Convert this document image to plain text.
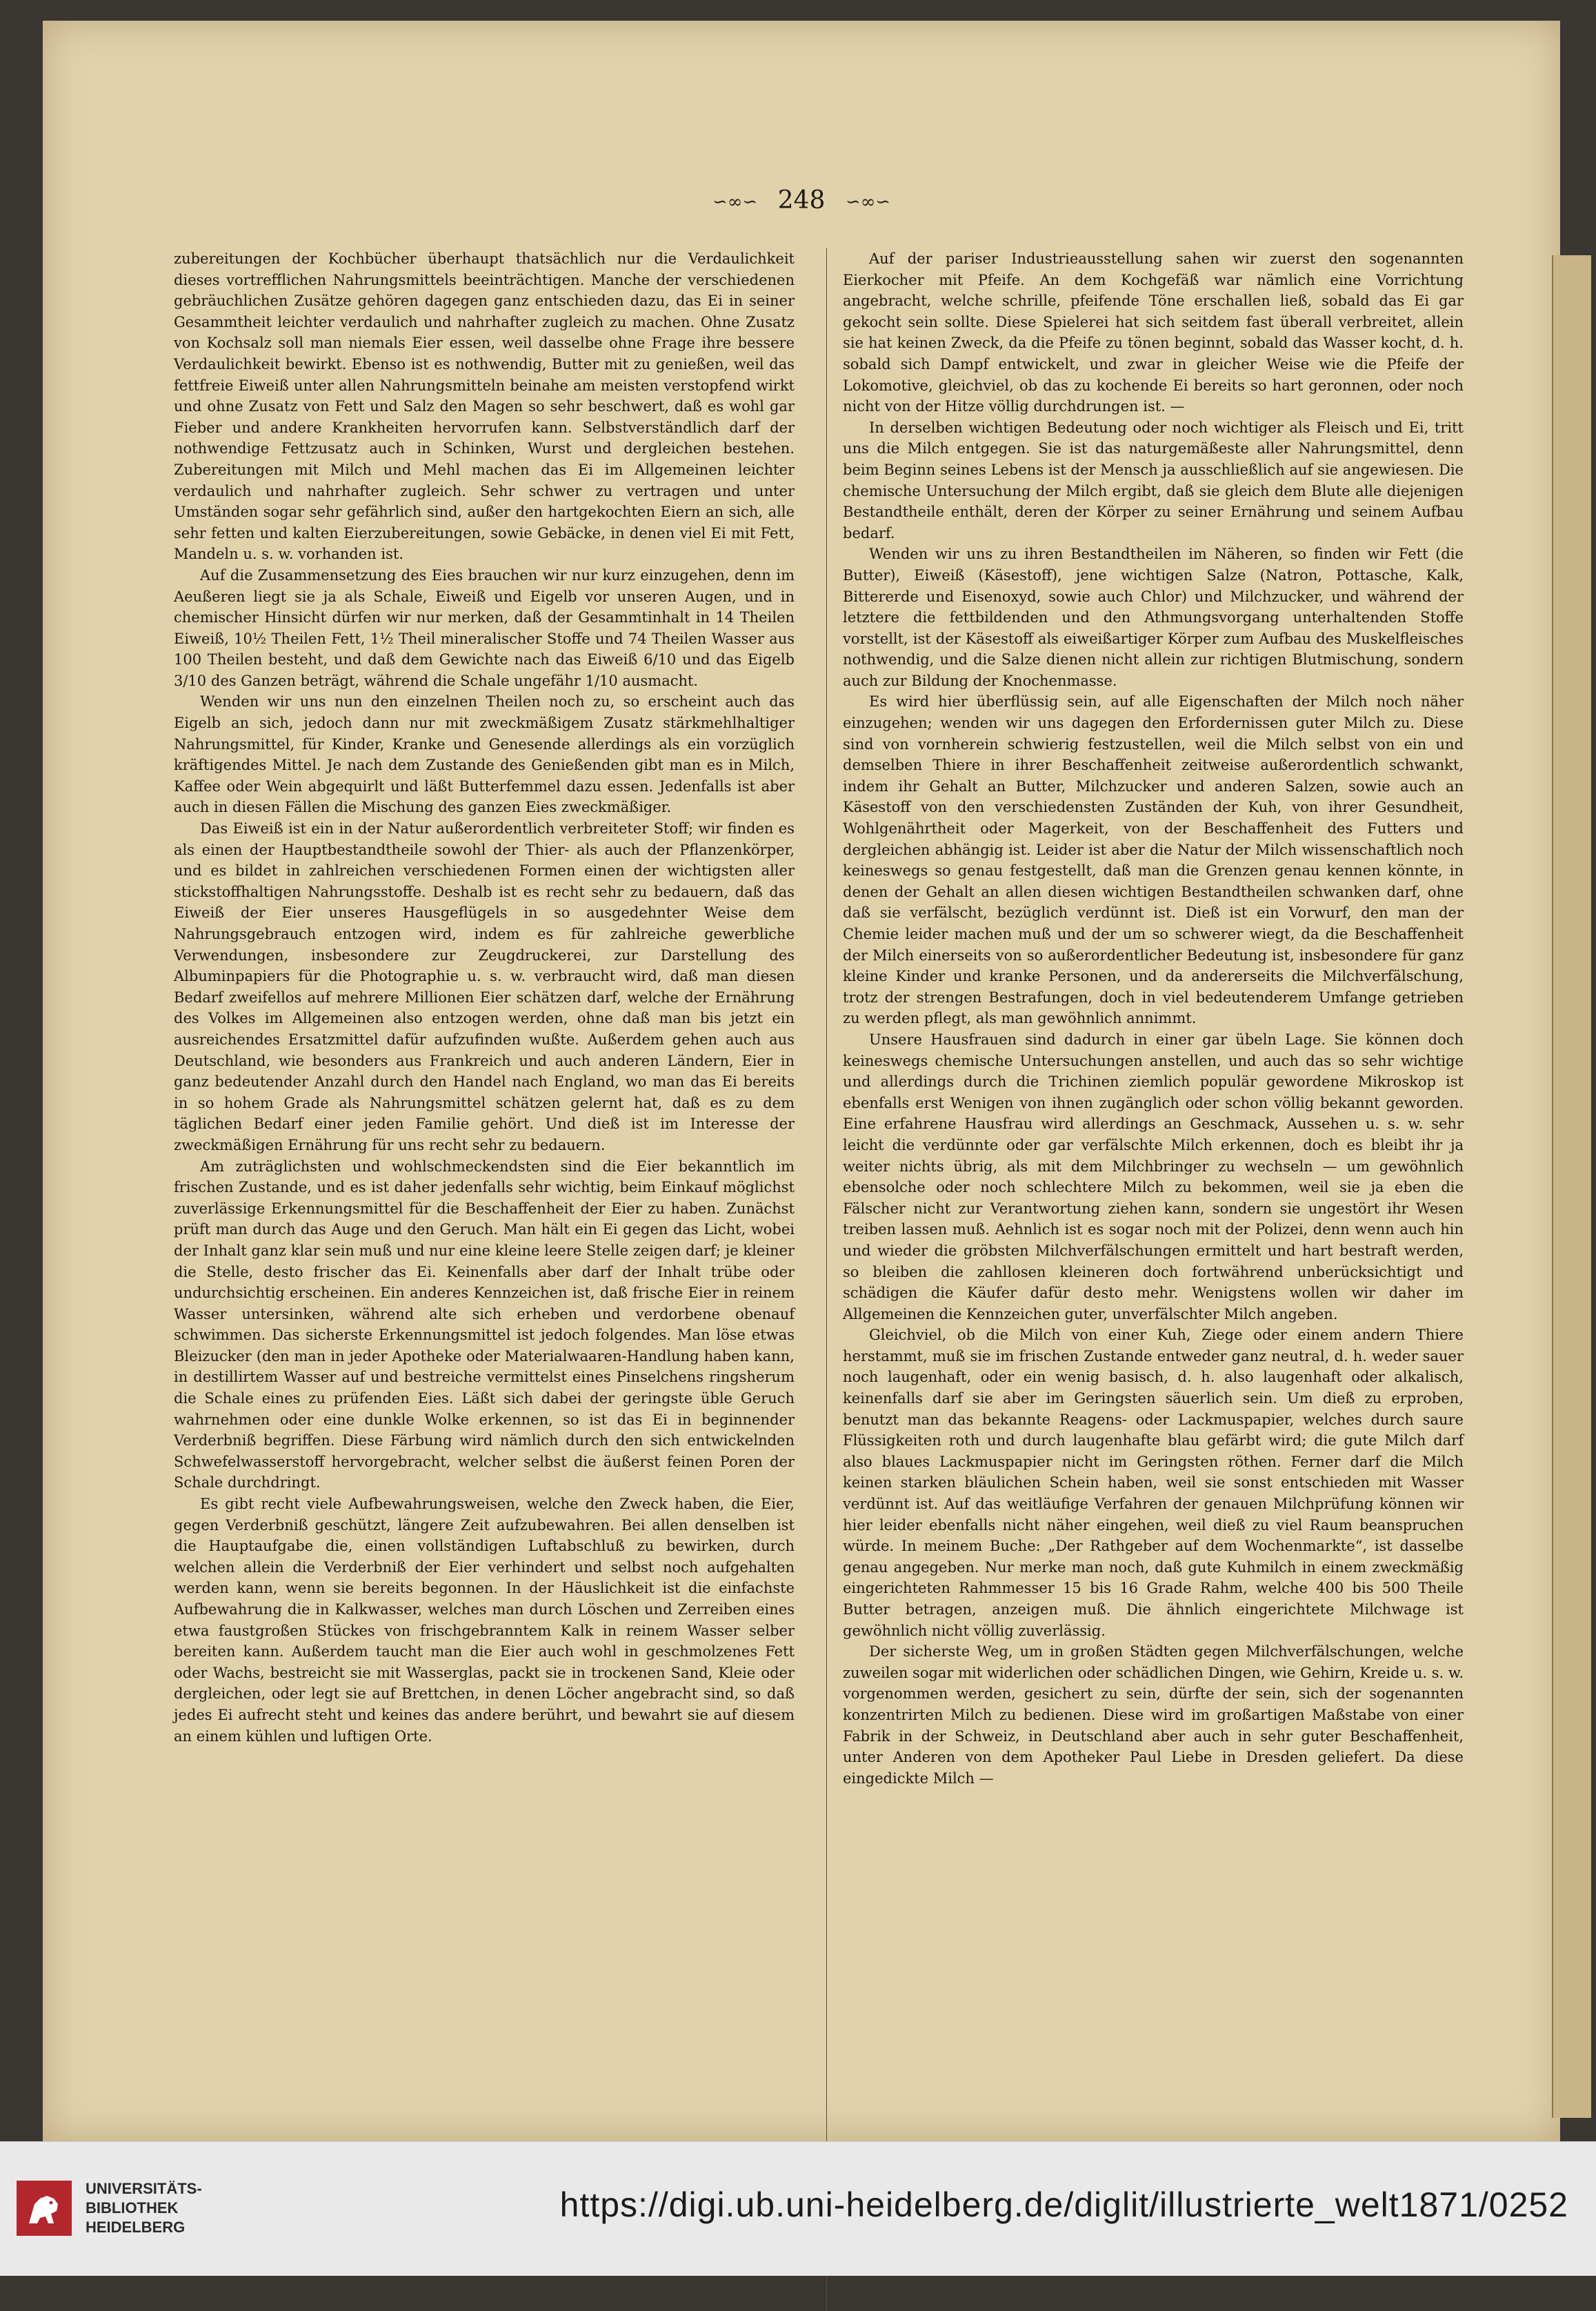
∽∞∽ 248 ∽∞∽

zubereitungen der Kochbücher überhaupt thatsächlich nur die Verdaulichkeit dieses vortrefflichen Nahrungsmittels beeinträchtigen. Manche der verschiedenen gebräuchlichen Zusätze gehören dagegen ganz entschieden dazu, das Ei in seiner Gesammtheit leichter verdaulich und nahrhafter zugleich zu machen. Ohne Zusatz von Kochsalz soll man niemals Eier essen, weil dasselbe ohne Frage ihre bessere Verdaulichkeit bewirkt. Ebenso ist es nothwendig, Butter mit zu genießen, weil das fettfreie Eiweiß unter allen Nahrungsmitteln beinahe am meisten verstopfend wirkt und ohne Zusatz von Fett und Salz den Magen so sehr beschwert, daß es wohl gar Fieber und andere Krankheiten hervorrufen kann. Selbstverständlich darf der nothwendige Fettzusatz auch in Schinken, Wurst und dergleichen bestehen. Zubereitungen mit Milch und Mehl machen das Ei im Allgemeinen leichter verdaulich und nahrhafter zugleich. Sehr schwer zu vertragen und unter Umständen sogar sehr gefährlich sind, außer den hartgekochten Eiern an sich, alle sehr fetten und kalten Eierzubereitungen, sowie Gebäcke, in denen viel Ei mit Fett, Mandeln u. s. w. vorhanden ist.

Auf die Zusammensetzung des Eies brauchen wir nur kurz einzugehen, denn im Aeußeren liegt sie ja als Schale, Eiweiß und Eigelb vor unseren Augen, und in chemischer Hinsicht dürfen wir nur merken, daß der Gesammtinhalt in 14 Theilen Eiweiß, 10½ Theilen Fett, 1½ Theil mineralischer Stoffe und 74 Theilen Wasser aus 100 Theilen besteht, und daß dem Gewichte nach das Eiweiß 6/10 und das Eigelb 3/10 des Ganzen beträgt, während die Schale ungefähr 1/10 ausmacht.

Wenden wir uns nun den einzelnen Theilen noch zu, so erscheint auch das Eigelb an sich, jedoch dann nur mit zweckmäßigem Zusatz stärkmehlhaltiger Nahrungsmittel, für Kinder, Kranke und Genesende allerdings als ein vorzüglich kräftigendes Mittel. Je nach dem Zustande des Genießenden gibt man es in Milch, Kaffee oder Wein abgequirlt und läßt Butterfemmel dazu essen. Jedenfalls ist aber auch in diesen Fällen die Mischung des ganzen Eies zweckmäßiger.

Das Eiweiß ist ein in der Natur außerordentlich verbreiteter Stoff; wir finden es als einen der Hauptbestandtheile sowohl der Thier- als auch der Pflanzenkörper, und es bildet in zahlreichen verschiedenen Formen einen der wichtigsten aller stickstoffhaltigen Nahrungsstoffe. Deshalb ist es recht sehr zu bedauern, daß das Eiweiß der Eier unseres Hausgeflügels in so ausgedehnter Weise dem Nahrungsgebrauch entzogen wird, indem es für zahlreiche gewerbliche Verwendungen, insbesondere zur Zeugdruckerei, zur Darstellung des Albuminpapiers für die Photographie u. s. w. verbraucht wird, daß man diesen Bedarf zweifellos auf mehrere Millionen Eier schätzen darf, welche der Ernährung des Volkes im Allgemeinen also entzogen werden, ohne daß man bis jetzt ein ausreichendes Ersatzmittel dafür aufzufinden wußte. Außerdem gehen auch aus Deutschland, wie besonders aus Frankreich und auch anderen Ländern, Eier in ganz bedeutender Anzahl durch den Handel nach England, wo man das Ei bereits in so hohem Grade als Nahrungsmittel schätzen gelernt hat, daß es zu dem täglichen Bedarf einer jeden Familie gehört. Und dieß ist im Interesse der zweckmäßigen Ernährung für uns recht sehr zu bedauern.

Am zuträglichsten und wohlschmeckendsten sind die Eier bekanntlich im frischen Zustande, und es ist daher jedenfalls sehr wichtig, beim Einkauf möglichst zuverlässige Erkennungsmittel für die Beschaffenheit der Eier zu haben. Zunächst prüft man durch das Auge und den Geruch. Man hält ein Ei gegen das Licht, wobei der Inhalt ganz klar sein muß und nur eine kleine leere Stelle zeigen darf; je kleiner die Stelle, desto frischer das Ei. Keinenfalls aber darf der Inhalt trübe oder undurchsichtig erscheinen. Ein anderes Kennzeichen ist, daß frische Eier in reinem Wasser untersinken, während alte sich erheben und verdorbene obenauf schwimmen. Das sicherste Erkennungsmittel ist jedoch folgendes. Man löse etwas Bleizucker (den man in jeder Apotheke oder Materialwaaren-Handlung haben kann, in destillirtem Wasser auf und bestreiche vermittelst eines Pinselchens ringsherum die Schale eines zu prüfenden Eies. Läßt sich dabei der geringste üble Geruch wahrnehmen oder eine dunkle Wolke erkennen, so ist das Ei in beginnender Verderbniß begriffen. Diese Färbung wird nämlich durch den sich entwickelnden Schwefelwasserstoff hervorgebracht, welcher selbst die äußerst feinen Poren der Schale durchdringt.

Es gibt recht viele Aufbewahrungsweisen, welche den Zweck haben, die Eier, gegen Verderbniß geschützt, längere Zeit aufzubewahren. Bei allen denselben ist die Hauptaufgabe die, einen vollständigen Luftabschluß zu bewirken, durch welchen allein die Verderbniß der Eier verhindert und selbst noch aufgehalten werden kann, wenn sie bereits begonnen. In der Häuslichkeit ist die einfachste Aufbewahrung die in Kalkwasser, welches man durch Löschen und Zerreiben eines etwa faustgroßen Stückes von frischgebranntem Kalk in reinem Wasser selber bereiten kann. Außerdem taucht man die Eier auch wohl in geschmolzenes Fett oder Wachs, bestreicht sie mit Wasserglas, packt sie in trockenen Sand, Kleie oder dergleichen, oder legt sie auf Brettchen, in denen Löcher angebracht sind, so daß jedes Ei aufrecht steht und keines das andere berührt, und bewahrt sie auf diesem an einem kühlen und luftigen Orte.

Auf der pariser Industrieausstellung sahen wir zuerst den sogenannten Eierkocher mit Pfeife. An dem Kochgefäß war nämlich eine Vorrichtung angebracht, welche schrille, pfeifende Töne erschallen ließ, sobald das Ei gar gekocht sein sollte. Diese Spielerei hat sich seitdem fast überall verbreitet, allein sie hat keinen Zweck, da die Pfeife zu tönen beginnt, sobald das Wasser kocht, d. h. sobald sich Dampf entwickelt, und zwar in gleicher Weise wie die Pfeife der Lokomotive, gleichviel, ob das zu kochende Ei bereits so hart geronnen, oder noch nicht von der Hitze völlig durchdrungen ist. —

In derselben wichtigen Bedeutung oder noch wichtiger als Fleisch und Ei, tritt uns die Milch entgegen. Sie ist das naturgemäßeste aller Nahrungsmittel, denn beim Beginn seines Lebens ist der Mensch ja ausschließlich auf sie angewiesen. Die chemische Untersuchung der Milch ergibt, daß sie gleich dem Blute alle diejenigen Bestandtheile enthält, deren der Körper zu seiner Ernährung und seinem Aufbau bedarf.

Wenden wir uns zu ihren Bestandtheilen im Näheren, so finden wir Fett (die Butter), Eiweiß (Käsestoff), jene wichtigen Salze (Natron, Pottasche, Kalk, Bittererde und Eisenoxyd, sowie auch Chlor) und Milchzucker, und während der letztere die fettbildenden und den Athmungsvorgang unterhaltenden Stoffe vorstellt, ist der Käsestoff als eiweißartiger Körper zum Aufbau des Muskelfleisches nothwendig, und die Salze dienen nicht allein zur richtigen Blutmischung, sondern auch zur Bildung der Knochenmasse.

Es wird hier überflüssig sein, auf alle Eigenschaften der Milch noch näher einzugehen; wenden wir uns dagegen den Erfordernissen guter Milch zu. Diese sind von vornherein schwierig festzustellen, weil die Milch selbst von ein und demselben Thiere in ihrer Beschaffenheit zeitweise außerordentlich schwankt, indem ihr Gehalt an Butter, Milchzucker und anderen Salzen, sowie auch an Käsestoff von den verschiedensten Zuständen der Kuh, von ihrer Gesundheit, Wohlgenährtheit oder Magerkeit, von der Beschaffenheit des Futters und dergleichen abhängig ist. Leider ist aber die Natur der Milch wissenschaftlich noch keineswegs so genau festgestellt, daß man die Grenzen genau kennen könnte, in denen der Gehalt an allen diesen wichtigen Bestandtheilen schwanken darf, ohne daß sie verfälscht, bezüglich verdünnt ist. Dieß ist ein Vorwurf, den man der Chemie leider machen muß und der um so schwerer wiegt, da die Beschaffenheit der Milch einerseits von so außerordentlicher Bedeutung ist, insbesondere für ganz kleine Kinder und kranke Personen, und da andererseits die Milchverfälschung, trotz der strengen Bestrafungen, doch in viel bedeutenderem Umfange getrieben zu werden pflegt, als man gewöhnlich annimmt.

Unsere Hausfrauen sind dadurch in einer gar übeln Lage. Sie können doch keineswegs chemische Untersuchungen anstellen, und auch das so sehr wichtige und allerdings durch die Trichinen ziemlich populär gewordene Mikroskop ist ebenfalls erst Wenigen von ihnen zugänglich oder schon völlig bekannt geworden. Eine erfahrene Hausfrau wird allerdings an Geschmack, Aussehen u. s. w. sehr leicht die verdünnte oder gar verfälschte Milch erkennen, doch es bleibt ihr ja weiter nichts übrig, als mit dem Milchbringer zu wechseln — um gewöhnlich ebensolche oder noch schlechtere Milch zu bekommen, weil sie ja eben die Fälscher nicht zur Verantwortung ziehen kann, sondern sie ungestört ihr Wesen treiben lassen muß. Aehnlich ist es sogar noch mit der Polizei, denn wenn auch hin und wieder die gröbsten Milchverfälschungen ermittelt und hart bestraft werden, so bleiben die zahllosen kleineren doch fortwährend unberücksichtigt und schädigen die Käufer dafür desto mehr. Wenigstens wollen wir daher im Allgemeinen die Kennzeichen guter, unverfälschter Milch angeben.

Gleichviel, ob die Milch von einer Kuh, Ziege oder einem andern Thiere herstammt, muß sie im frischen Zustande entweder ganz neutral, d. h. weder sauer noch laugenhaft, oder ein wenig basisch, d. h. also laugenhaft oder alkalisch, keinenfalls darf sie aber im Geringsten säuerlich sein. Um dieß zu erproben, benutzt man das bekannte Reagens- oder Lackmuspapier, welches durch saure Flüssigkeiten roth und durch laugenhafte blau gefärbt wird; die gute Milch darf also blaues Lackmuspapier nicht im Geringsten röthen. Ferner darf die Milch keinen starken bläulichen Schein haben, weil sie sonst entschieden mit Wasser verdünnt ist. Auf das weitläufige Verfahren der genauen Milchprüfung können wir hier leider ebenfalls nicht näher eingehen, weil dieß zu viel Raum beanspruchen würde. In meinem Buche: „Der Rathgeber auf dem Wochenmarkte“, ist dasselbe genau angegeben. Nur merke man noch, daß gute Kuhmilch in einem zweckmäßig eingerichteten Rahmmesser 15 bis 16 Grade Rahm, welche 400 bis 500 Theile Butter betragen, anzeigen muß. Die ähnlich eingerichtete Milchwage ist gewöhnlich nicht völlig zuverlässig.

Der sicherste Weg, um in großen Städten gegen Milchverfälschungen, welche zuweilen sogar mit widerlichen oder schädlichen Dingen, wie Gehirn, Kreide u. s. w. vorgenommen werden, gesichert zu sein, dürfte der sein, sich der sogenannten konzentrirten Milch zu bedienen. Diese wird im großartigen Maßstabe von einer Fabrik in der Schweiz, in Deutschland aber auch in sehr guter Beschaffenheit, unter Anderen von dem Apotheker Paul Liebe in Dresden geliefert. Da diese eingedickte Milch —

UNIVERSITÄTS-
BIBLIOTHEK
HEIDELBERG
https://digi.ub.uni-heidelberg.de/diglit/illustrierte_welt1871/0252
